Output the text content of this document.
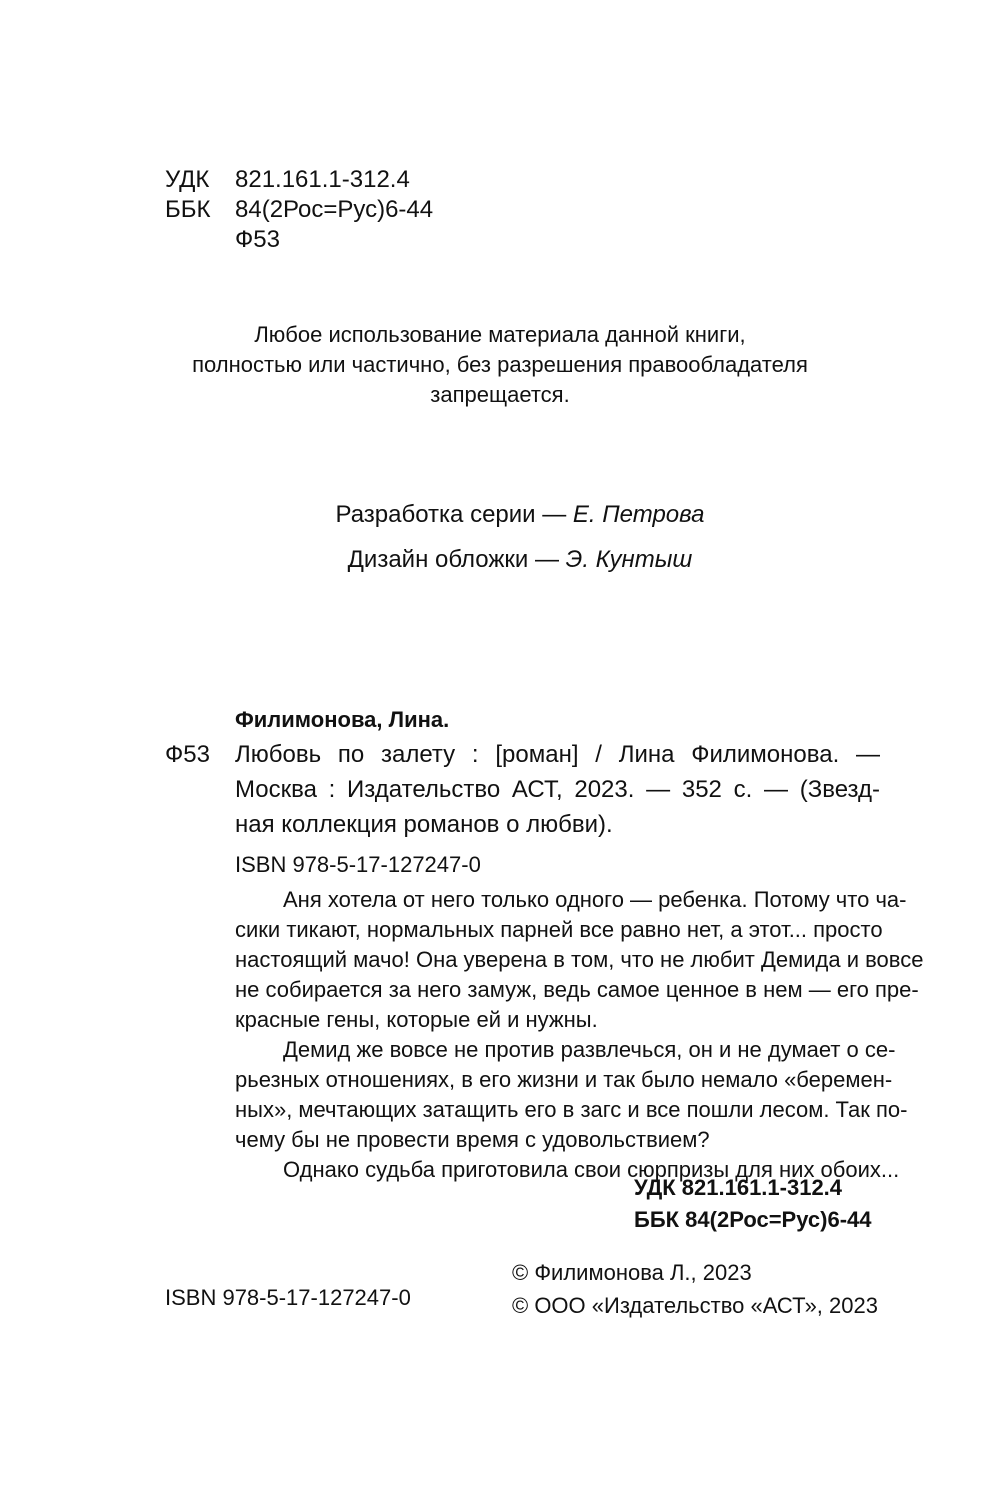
УДК 821.161.1-312.4
ББК 84(2Рос=Рус)6-44
Ф53
Любое использование материала данной книги,
полностью или частично, без разрешения правообладателя
запрещается.
Разработка серии — Е. Петрова
Дизайн обложки — Э. Кунтыш
Филимонова, Лина.
Ф53 Любовь по залету : [роман] / Лина Филимонова. —
Москва : Издательство АСТ, 2023. — 352 с. — (Звезд-
ная коллекция романов о любви).
ISBN 978-5-17-127247-0
Аня хотела от него только одного — ребенка. Потому что ча-
сики тикают, нормальных парней все равно нет, а этот... просто
настоящий мачо! Она уверена в том, что не любит Демида и вовсе
не собирается за него замуж, ведь самое ценное в нем — его пре-
красные гены, которые ей и нужны.
Демид же вовсе не против развлечься, он и не думает о се-
рьезных отношениях, в его жизни и так было немало «беремен-
ных», мечтающих затащить его в загс и все пошли лесом. Так по-
чему бы не провести время с удовольствием?
Однако судьба приготовила свои сюрпризы для них обоих...
УДК 821.161.1-312.4
ББК 84(2Рос=Рус)6-44
ISBN 978-5-17-127247-0
© Филимонова Л., 2023
© ООО «Издательство «АСТ», 2023
